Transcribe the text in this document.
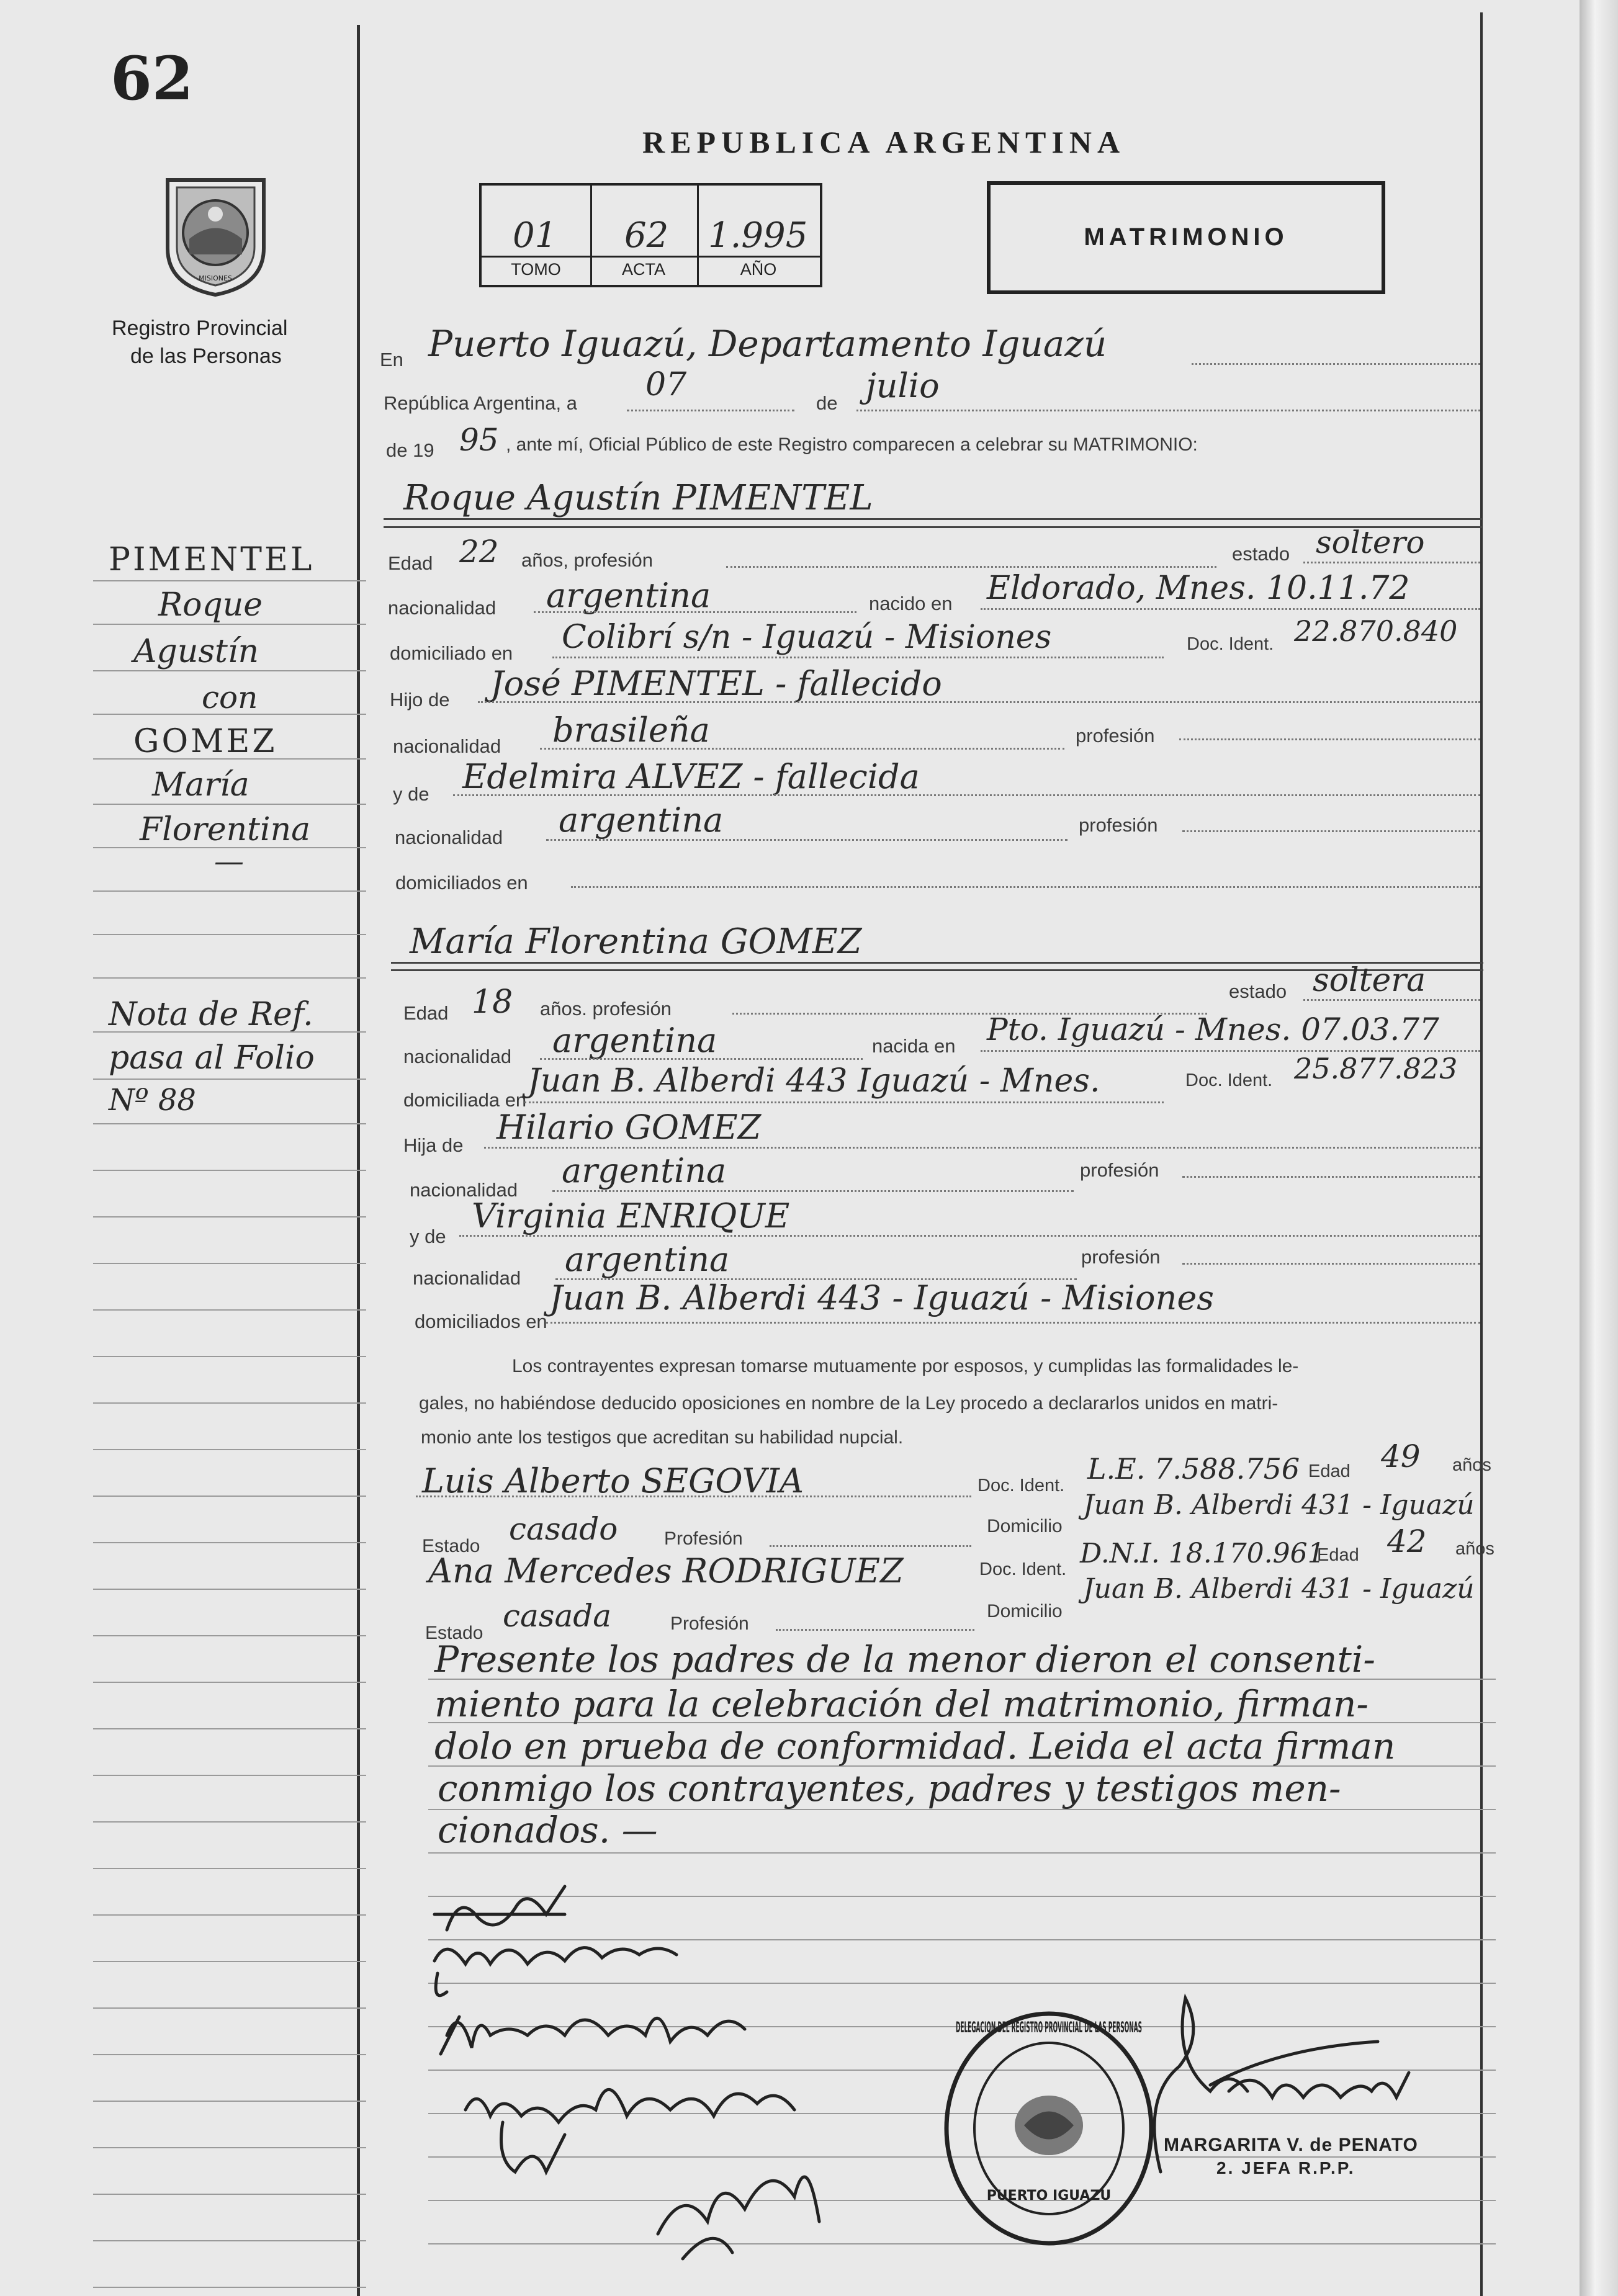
62
REPUBLICA ARGENTINA
01 62 1.995
TOMO	ACTA	AÑO
MATRIMONIO
MISIONES
Registro Provincial
de las Personas
PIMENTEL
Roque
Agustín
con
GOMEZ
María
Florentina
—
Nota de Ref.
pasa al Folio
Nº 88
En Puerto Iguazú, Departamento Iguazú
República Argentina, a 07	de julio
de 19 95 , ante mí, Oficial Público de este Registro comparecen a celebrar su MATRIMONIO:
Roque Agustín PIMENTEL
Edad 22 años, profesión	estado soltero
nacionalidad argentina	nacido en Eldorado, Mnes. 10.11.72
domiciliado en Colibrí s/n - Iguazú - Misiones	Doc. Ident. 22.870.840
Hijo de José PIMENTEL - fallecido
nacionalidad brasileña	profesión
y de Edelmira ALVEZ - fallecida
nacionalidad argentina	profesión
domiciliados en
María Florentina GOMEZ
Edad 18 años. profesión
estado soltera
nacionalidad argentina	nacida en Pto. Iguazú - Mnes. 07.03.77
domiciliada en
Juan B. Alberdi 443 Iguazú - Mnes.	Doc. Ident. 25.877.823
Hija de Hilario GOMEZ
nacionalidad argentina	profesión
y de
Virginia ENRIQUE
nacionalidad argentina	profesión
domiciliados en
Juan B. Alberdi 443 - Iguazú - Misiones
Los contrayentes expresan tomarse mutuamente por esposos, y cumplidas las formalidades le-
gales, no habiéndose deducido oposiciones en nombre de la Ley procedo a declararlos unidos en matri-
monio ante los testigos que acreditan su habilidad nupcial.
Luis Alberto SEGOVIA	Doc. Ident. L.E. 7.588.756 Edad 49 años
Estado casado Profesión
Domicilio
Juan B. Alberdi 431 - Iguazú
Ana Mercedes RODRIGUEZ	Doc. Ident. D.N.I. 18.170.961
Edad 42 años
Estado casada	Profesión
Domicilio
Juan B. Alberdi 431 - Iguazú
Presente los padres de la menor dieron el consenti-
miento para la celebración del matrimonio, firman-
dolo en prueba de conformidad. Leida el acta firman
conmigo los contrayentes, padres y testigos men-
cionados. —
PUERTO IGUAZU
DELEGACION DEL REGISTRO PROVINCIAL DE LAS PERSONAS
MARGARITA V. de PENATO
2. JEFA R.P.P.
